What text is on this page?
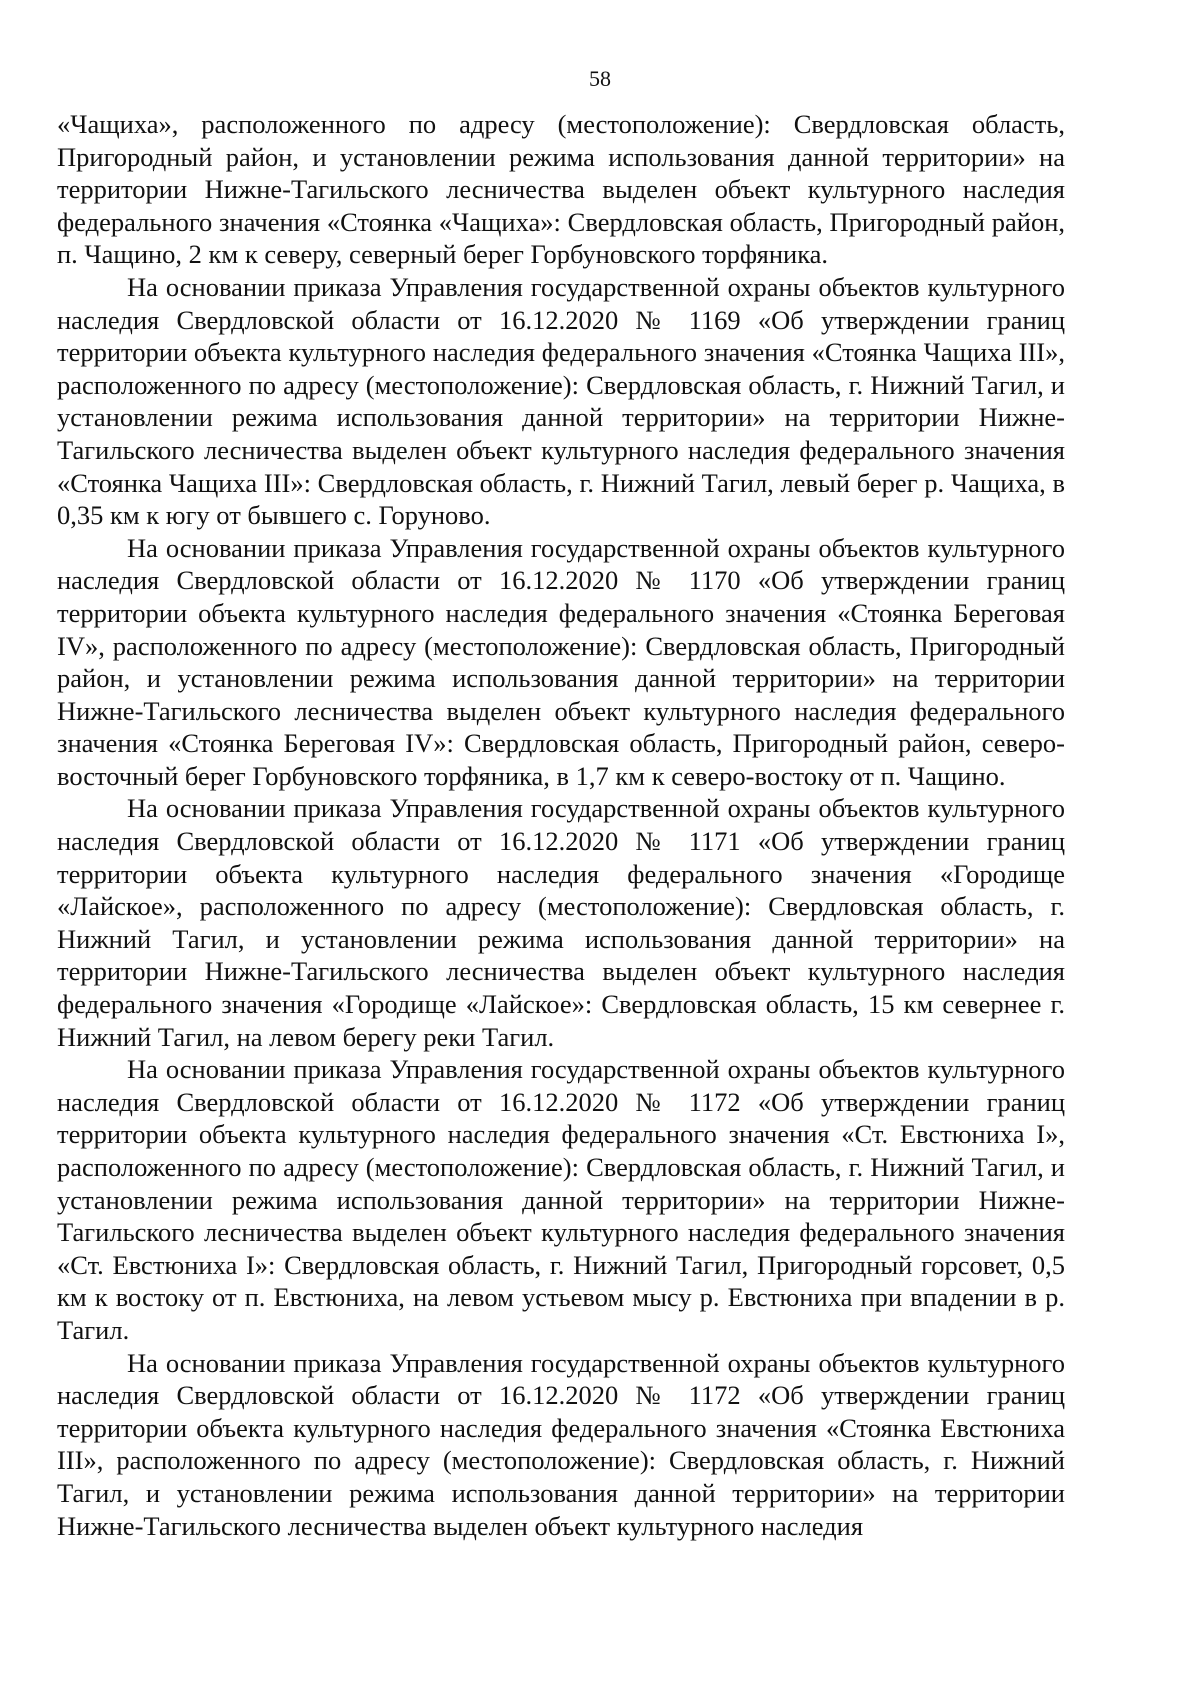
58

«Чащиха», расположенного по адресу (местоположение): Свердловская область, Пригородный район, и установлении режима использования данной территории» на территории Нижне-Тагильского лесничества выделен объект культурного наследия федерального значения «Стоянка «Чащиха»: Свердловская область, Пригородный район, п. Чащино, 2 км к северу, северный берег Горбуновского торфяника.

На основании приказа Управления государственной охраны объектов культурного наследия Свердловской области от 16.12.2020 № 1169 «Об утверждении границ территории объекта культурного наследия федерального значения «Стоянка Чащиха III», расположенного по адресу (местоположение): Свердловская область, г. Нижний Тагил, и установлении режима использования данной территории» на территории Нижне-Тагильского лесничества выделен объект культурного наследия федерального значения «Стоянка Чащиха III»: Свердловская область, г. Нижний Тагил, левый берег р. Чащиха, в 0,35 км к югу от бывшего с. Горуново.

На основании приказа Управления государственной охраны объектов культурного наследия Свердловской области от 16.12.2020 № 1170 «Об утверждении границ территории объекта культурного наследия федерального значения «Стоянка Береговая IV», расположенного по адресу (местоположение): Свердловская область, Пригородный район, и установлении режима использования данной территории» на территории Нижне-Тагильского лесничества выделен объект культурного наследия федерального значения «Стоянка Береговая IV»: Свердловская область, Пригородный район, северо-восточный берег Горбуновского торфяника, в 1,7 км к северо-востоку от п. Чащино.

На основании приказа Управления государственной охраны объектов культурного наследия Свердловской области от 16.12.2020 № 1171 «Об утверждении границ территории объекта культурного наследия федерального значения «Городище «Лайское», расположенного по адресу (местоположение): Свердловская область, г. Нижний Тагил, и установлении режима использования данной территории» на территории Нижне-Тагильского лесничества выделен объект культурного наследия федерального значения «Городище «Лайское»: Свердловская область, 15 км севернее г. Нижний Тагил, на левом берегу реки Тагил.

На основании приказа Управления государственной охраны объектов культурного наследия Свердловской области от 16.12.2020 № 1172 «Об утверждении границ территории объекта культурного наследия федерального значения «Ст. Евстюниха I», расположенного по адресу (местоположение): Свердловская область, г. Нижний Тагил, и установлении режима использования данной территории» на территории Нижне-Тагильского лесничества выделен объект культурного наследия федерального значения «Ст. Евстюниха I»: Свердловская область, г. Нижний Тагил, Пригородный горсовет, 0,5 км к востоку от п. Евстюниха, на левом устьевом мысу р. Евстюниха при впадении в р. Тагил.

На основании приказа Управления государственной охраны объектов культурного наследия Свердловской области от 16.12.2020 № 1172 «Об утверждении границ территории объекта культурного наследия федерального значения «Стоянка Евстюниха III», расположенного по адресу (местоположение): Свердловская область, г. Нижний Тагил, и установлении режима использования данной территории» на территории Нижне-Тагильского лесничества выделен объект культурного наследия
